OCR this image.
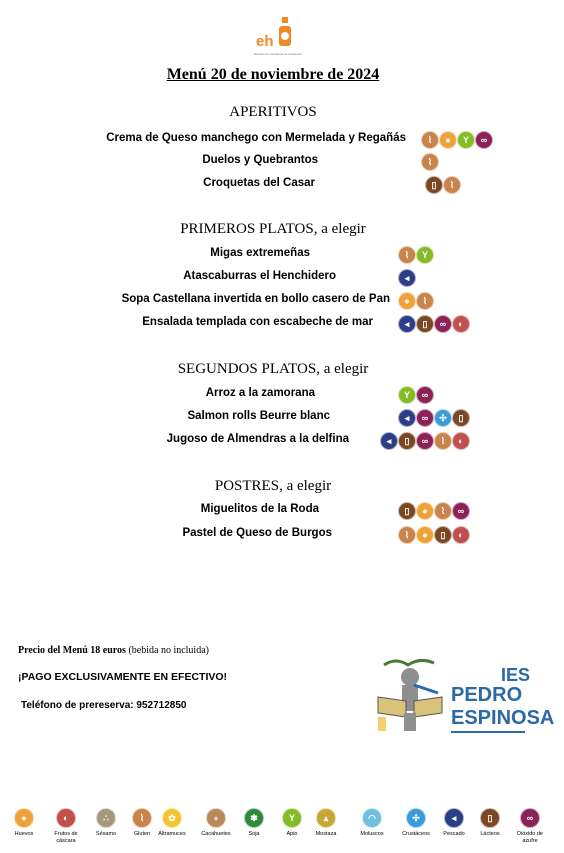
eh
Escuela de Hostelería de Antequera
Menú 20 de noviembre de 2024
APERITIVOS
Crema de Queso manchego con Mermelada y Regañás	⌇	●	Y	∞
Duelos y Quebrantos	⌇
Croquetas del Casar	▯	⌇
PRIMEROS PLATOS, a elegir
Migas extremeñas	⌇	Y
Atascaburras el Henchidero	◂
Sopa Castellana invertida en bollo casero de Pan	●	⌇
Ensalada templada con escabeche de mar	◂	▯	∞	◐
SEGUNDOS PLATOS, a elegir
Arroz a la zamorana	Y	∞
Salmon rolls Beurre blanc	◂	∞	✣	▯
Jugoso de Almendras a la delfina	◂	▯	∞	⌇	◐
POSTRES, a elegir
Miguelitos de la Roda	▯	●	⌇	∞
Pastel de Queso de Burgos	⌇	●	▯	◐
Precio del Menú 18 euros (bebida no incluida)
¡PAGO EXCLUSIVAMENTE EN EFECTIVO!
Teléfono de prereserva: 952712850
IES
PEDRO
ESPINOSA
●
Huevos
◐
Frutos de cáscara
∴
Sésamo
⌇
Gluten
✿
Altramuces
∘
Cacahuetes
✾
Soja
Y
Apio
▴
Mostaza
◠
Moluscos
✣
Crustáceos
◂
Pescado
▯
Lácteos
∞
Dióxido de azufre
